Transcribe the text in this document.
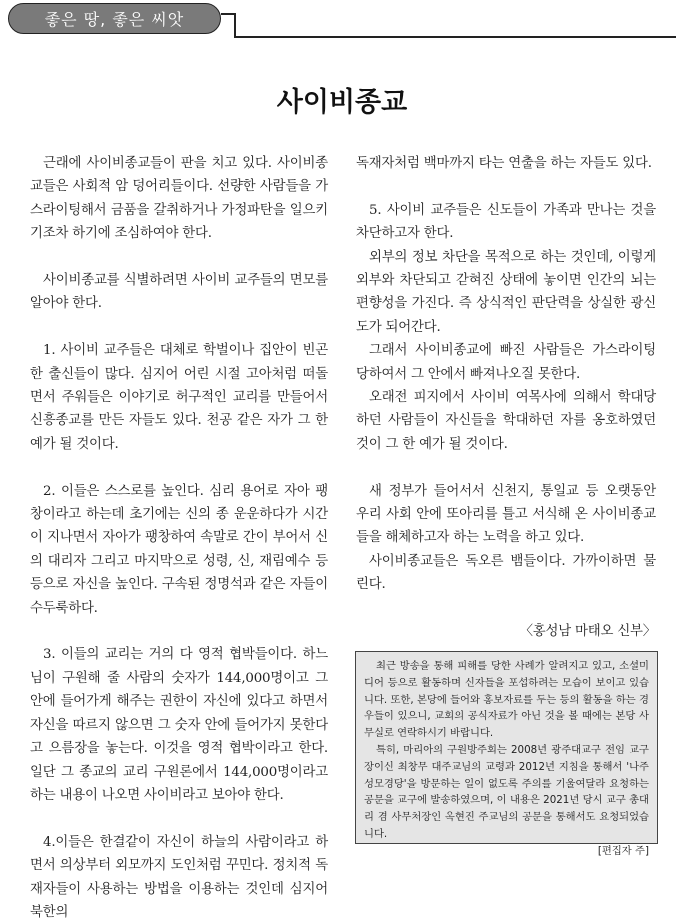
좋은 땅, 좋은 씨앗
사이비종교

근래에 사이비종교들이 판을 치고 있다. 사이비종교들은 사회적 암 덩어리들이다. 선량한 사람들을 가스라이팅해서 금품을 갈취하거나 가정파탄을 일으키기조차 하기에 조심하여야 한다.

사이비종교를 식별하려면 사이비 교주들의 면모를 알아야 한다.

1. 사이비 교주들은 대체로 학벌이나 집안이 빈곤한 출신들이 많다. 심지어 어린 시절 고아처럼 떠돌면서 주워들은 이야기로 허구적인 교리를 만들어서 신흥종교를 만든 자들도 있다. 천공 같은 자가 그 한 예가 될 것이다.

2. 이들은 스스로를 높인다. 심리 용어로 자아 팽창이라고 하는데 초기에는 신의 종 운운하다가 시간이 지나면서 자아가 팽창하여 속말로 간이 부어서 신의 대리자 그리고 마지막으로 성령, 신, 재림예수 등등으로 자신을 높인다. 구속된 정명석과 같은 자들이 수두룩하다.

3. 이들의 교리는 거의 다 영적 협박들이다. 하느님이 구원해 줄 사람의 숫자가 144,000명이고 그 안에 들어가게 해주는 권한이 자신에 있다고 하면서 자신을 따르지 않으면 그 숫자 안에 들어가지 못한다고 으름장을 놓는다. 이것을 영적 협박이라고 한다. 일단 그 종교의 교리 구원론에서 144,000명이라고 하는 내용이 나오면 사이비라고 보아야 한다.

4.이들은 한결같이 자신이 하늘의 사람이라고 하면서 의상부터 외모까지 도인처럼 꾸민다. 정치적 독재자들이 사용하는 방법을 이용하는 것인데 심지어 북한의

독재자처럼 백마까지 타는 연출을 하는 자들도 있다.

5. 사이비 교주들은 신도들이 가족과 만나는 것을 차단하고자 한다.

외부의 정보 차단을 목적으로 하는 것인데, 이렇게 외부와 차단되고 갇혀진 상태에 놓이면 인간의 뇌는 편향성을 가진다. 즉 상식적인 판단력을 상실한 광신도가 되어간다.

그래서 사이비종교에 빠진 사람들은 가스라이팅 당하여서 그 안에서 빠져나오질 못한다.

오래전 피지에서 사이비 여목사에 의해서 학대당하던 사람들이 자신들을 학대하던 자를 옹호하였던 것이 그 한 예가 될 것이다.

새 정부가 들어서서 신천지, 통일교 등 오랫동안 우리 사회 안에 또아리를 틀고 서식해 온 사이비종교들을 해체하고자 하는 노력을 하고 있다.

사이비종교들은 독오른 뱀들이다. 가까이하면 물린다.

〈홍성남 마태오 신부〉

최근 방송을 통해 피해를 당한 사례가 알려지고 있고, 소셜미디어 등으로 활동하며 신자들을 포섭하려는 모습이 보이고 있습니다. 또한, 본당에 들어와 홍보자료를 두는 등의 활동을 하는 경우들이 있으니, 교회의 공식자료가 아닌 것을 볼 때에는 본당 사무실로 연락하시기 바랍니다.

특히, 마리아의 구원방주회는 2008년 광주대교구 전임 교구장이신 최창무 대주교님의 교령과 2012년 지침을 통해서 '나주 성모경당'을 방문하는 일이 없도록 주의를 기울여달라 요청하는 공문을 교구에 발송하였으며, 이 내용은 2021년 당시 교구 총대리 겸 사무처장인 옥현진 주교님의 공문을 통해서도 요청되었습니다.

[편집자 주]
